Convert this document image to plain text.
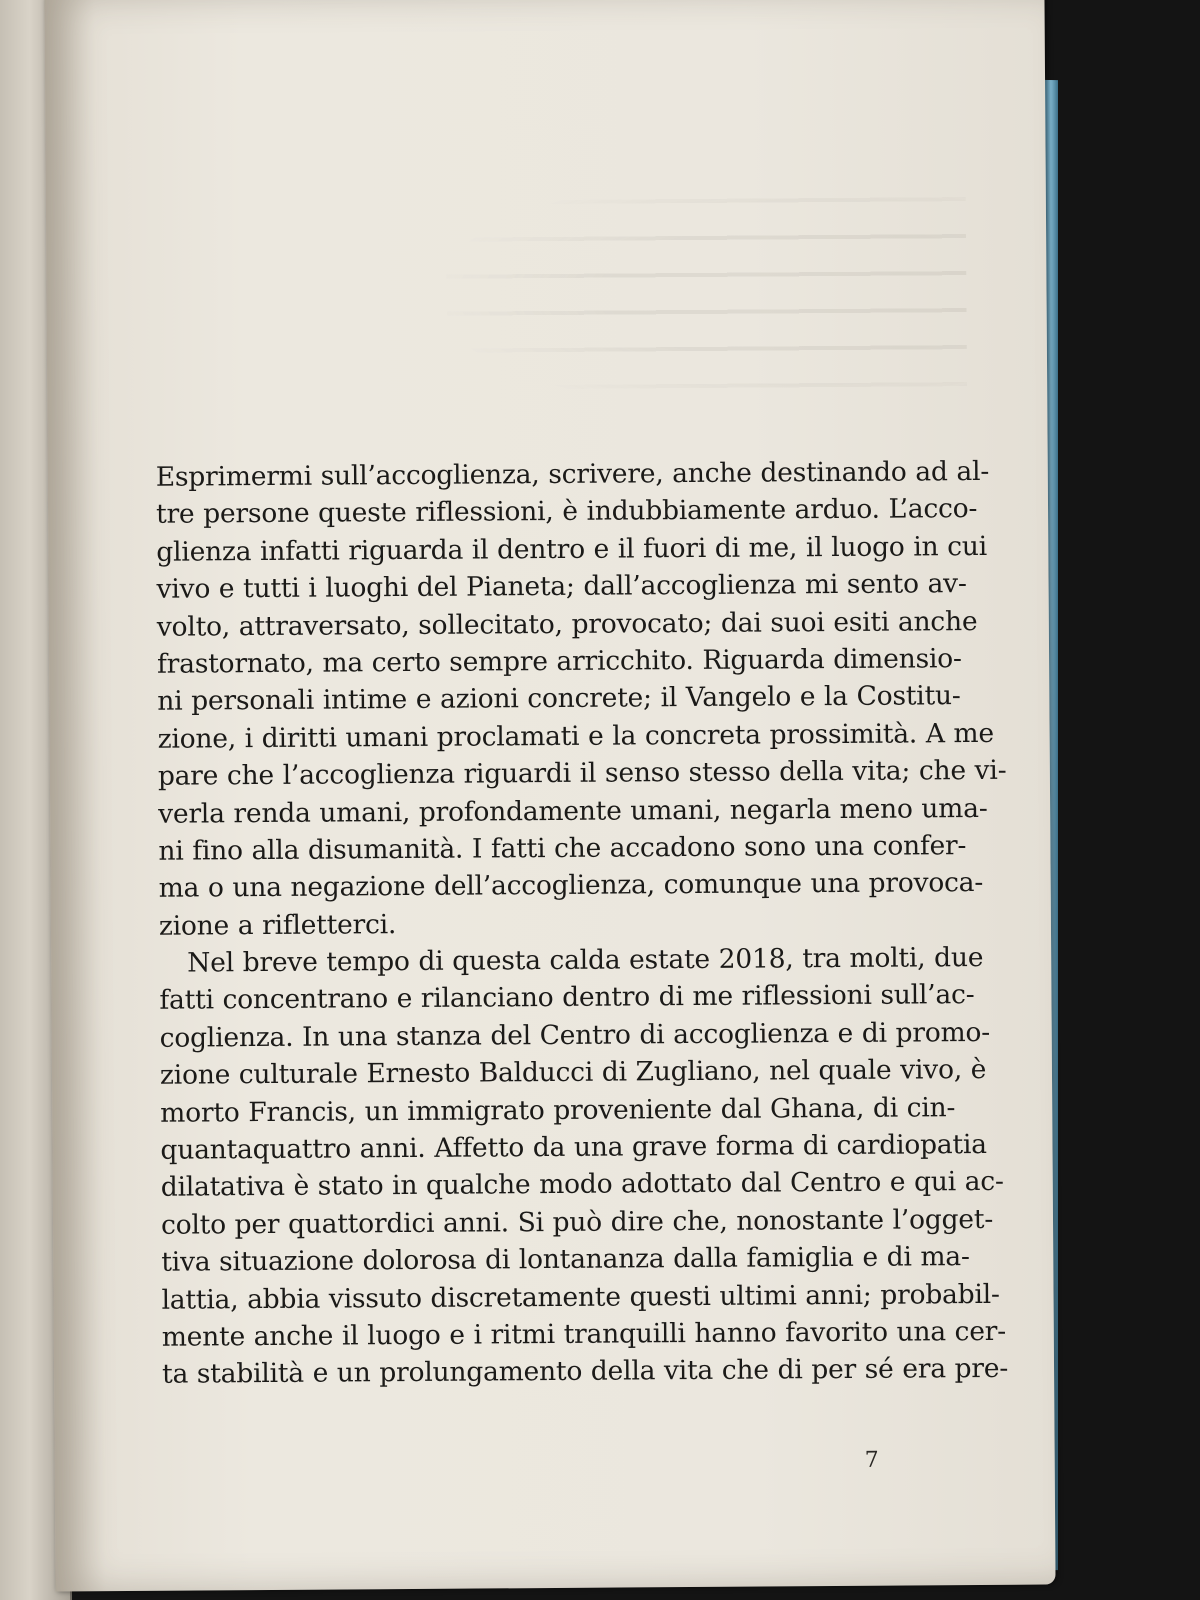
Esprimermi sull’accoglienza, scrivere, anche destinando ad al-
tre persone queste riflessioni, è indubbiamente arduo. L’acco-
glienza infatti riguarda il dentro e il fuori di me, il luogo in cui
vivo e tutti i luoghi del Pianeta; dall’accoglienza mi sento av-
volto, attraversato, sollecitato, provocato; dai suoi esiti anche
frastornato, ma certo sempre arricchito. Riguarda dimensio-
ni personali intime e azioni concrete; il Vangelo e la Costitu-
zione, i diritti umani proclamati e la concreta prossimità. A me
pare che l’accoglienza riguardi il senso stesso della vita; che vi-
verla renda umani, profondamente umani, negarla meno uma-
ni fino alla disumanità. I fatti che accadono sono una confer-
ma o una negazione dell’accoglienza, comunque una provoca-
zione a rifletterci.
Nel breve tempo di questa calda estate 2018, tra molti, due
fatti concentrano e rilanciano dentro di me riflessioni sull’ac-
coglienza. In una stanza del Centro di accoglienza e di promo-
zione culturale Ernesto Balducci di Zugliano, nel quale vivo, è
morto Francis, un immigrato proveniente dal Ghana, di cin-
quantaquattro anni. Affetto da una grave forma di cardiopatia
dilatativa è stato in qualche modo adottato dal Centro e qui ac-
colto per quattordici anni. Si può dire che, nonostante l’ogget-
tiva situazione dolorosa di lontananza dalla famiglia e di ma-
lattia, abbia vissuto discretamente questi ultimi anni; probabil-
mente anche il luogo e i ritmi tranquilli hanno favorito una cer-
ta stabilità e un prolungamento della vita che di per sé era pre-
7
